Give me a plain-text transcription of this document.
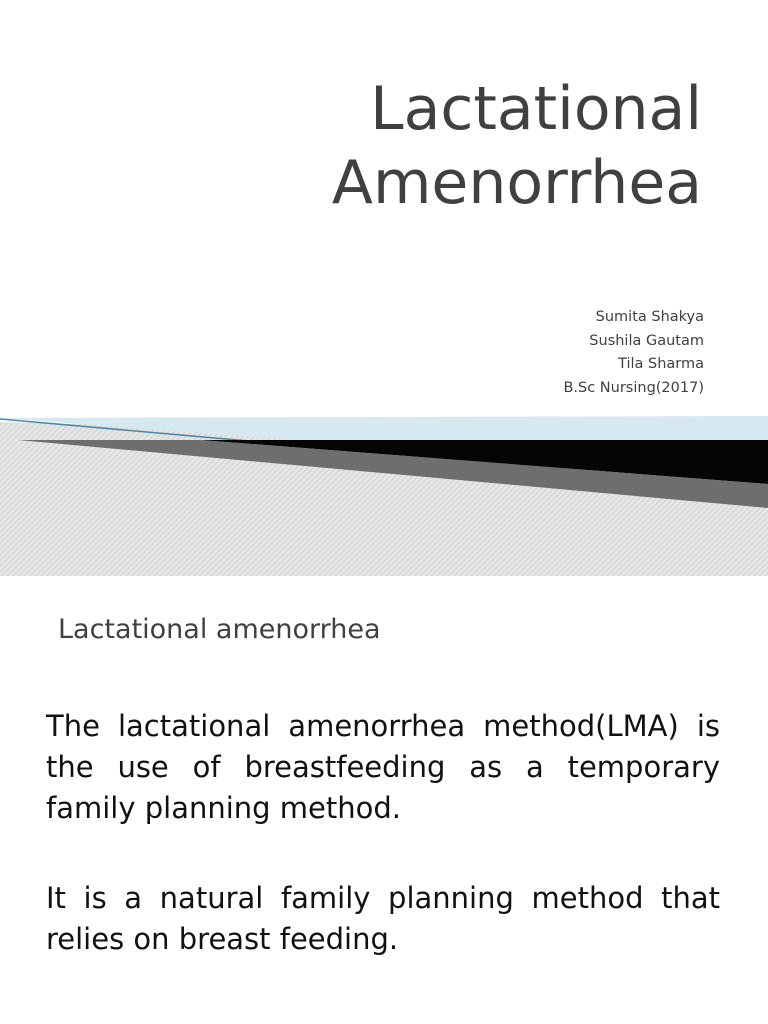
Lactational
Amenorrhea
Sumita Shakya
Sushila Gautam
Tila Sharma
B.Sc Nursing(2017)
Lactational amenorrhea

The lactational amenorrhea method(LMA) is the use of breastfeeding as a temporary family planning method.

It is a natural family planning method that relies on breast feeding.
